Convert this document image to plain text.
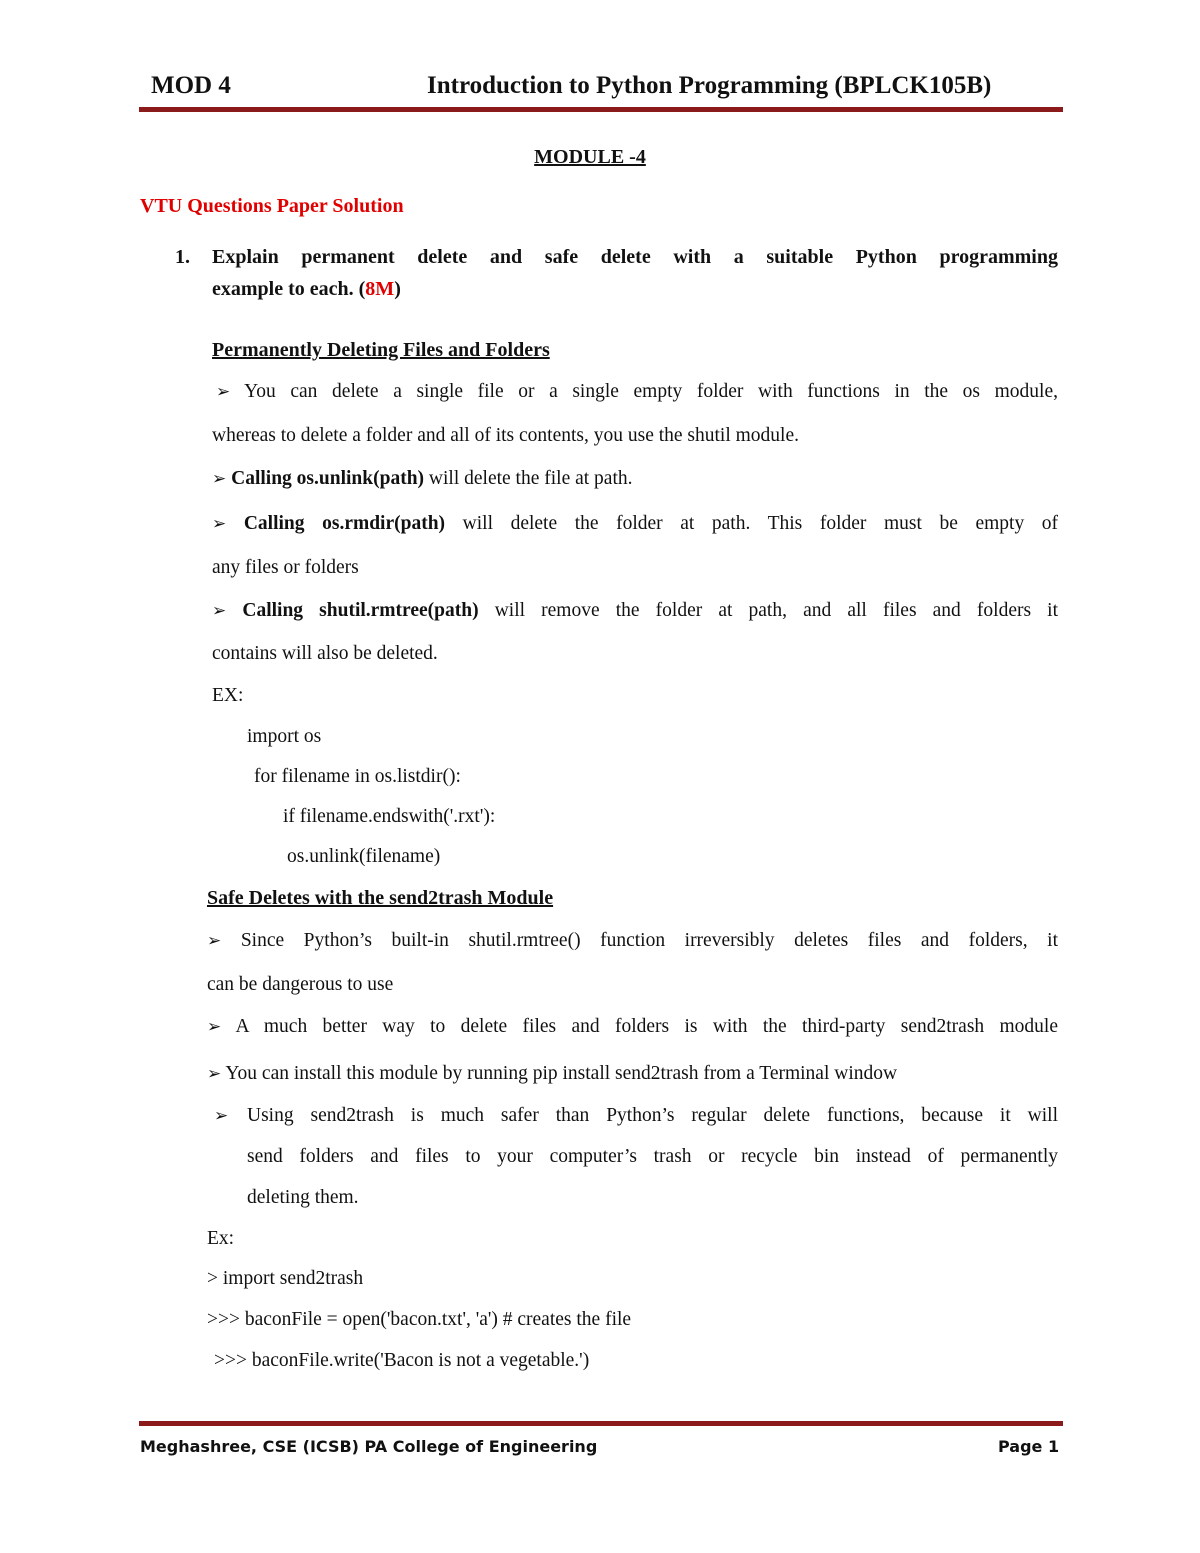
MOD 4	Introduction to Python Programming (BPLCK105B)
MODULE -4
VTU Questions Paper Solution
1. Explain permanent delete and safe delete with a suitable Python programming
example to each. (8M)
Permanently Deleting Files and Folders
➢ You can delete a single file or a single empty folder with functions in the os module,
whereas to delete a folder and all of its contents, you use the shutil module.
➢ Calling os.unlink(path) will delete the file at path.
➢ Calling os.rmdir(path) will delete the folder at path. This folder must be empty of
any files or folders
➢ Calling shutil.rmtree(path) will remove the folder at path, and all files and folders it
contains will also be deleted.
EX:
import os
for filename in os.listdir():
if filename.endswith('.rxt'):
os.unlink(filename)
Safe Deletes with the send2trash Module
➢ Since Python’s built-in shutil.rmtree() function irreversibly deletes files and folders, it
can be dangerous to use
➢ A much better way to delete files and folders is with the third-party send2trash module
➢ You can install this module by running pip install send2trash from a Terminal window
➢ Using send2trash is much safer than Python’s regular delete functions, because it will
send folders and files to your computer’s trash or recycle bin instead of permanently
deleting them.
Ex:
> import send2trash
>>> baconFile = open('bacon.txt', 'a') # creates the file
>>> baconFile.write('Bacon is not a vegetable.')
Meghashree, CSE (ICSB) PA College of Engineering	Page 1
